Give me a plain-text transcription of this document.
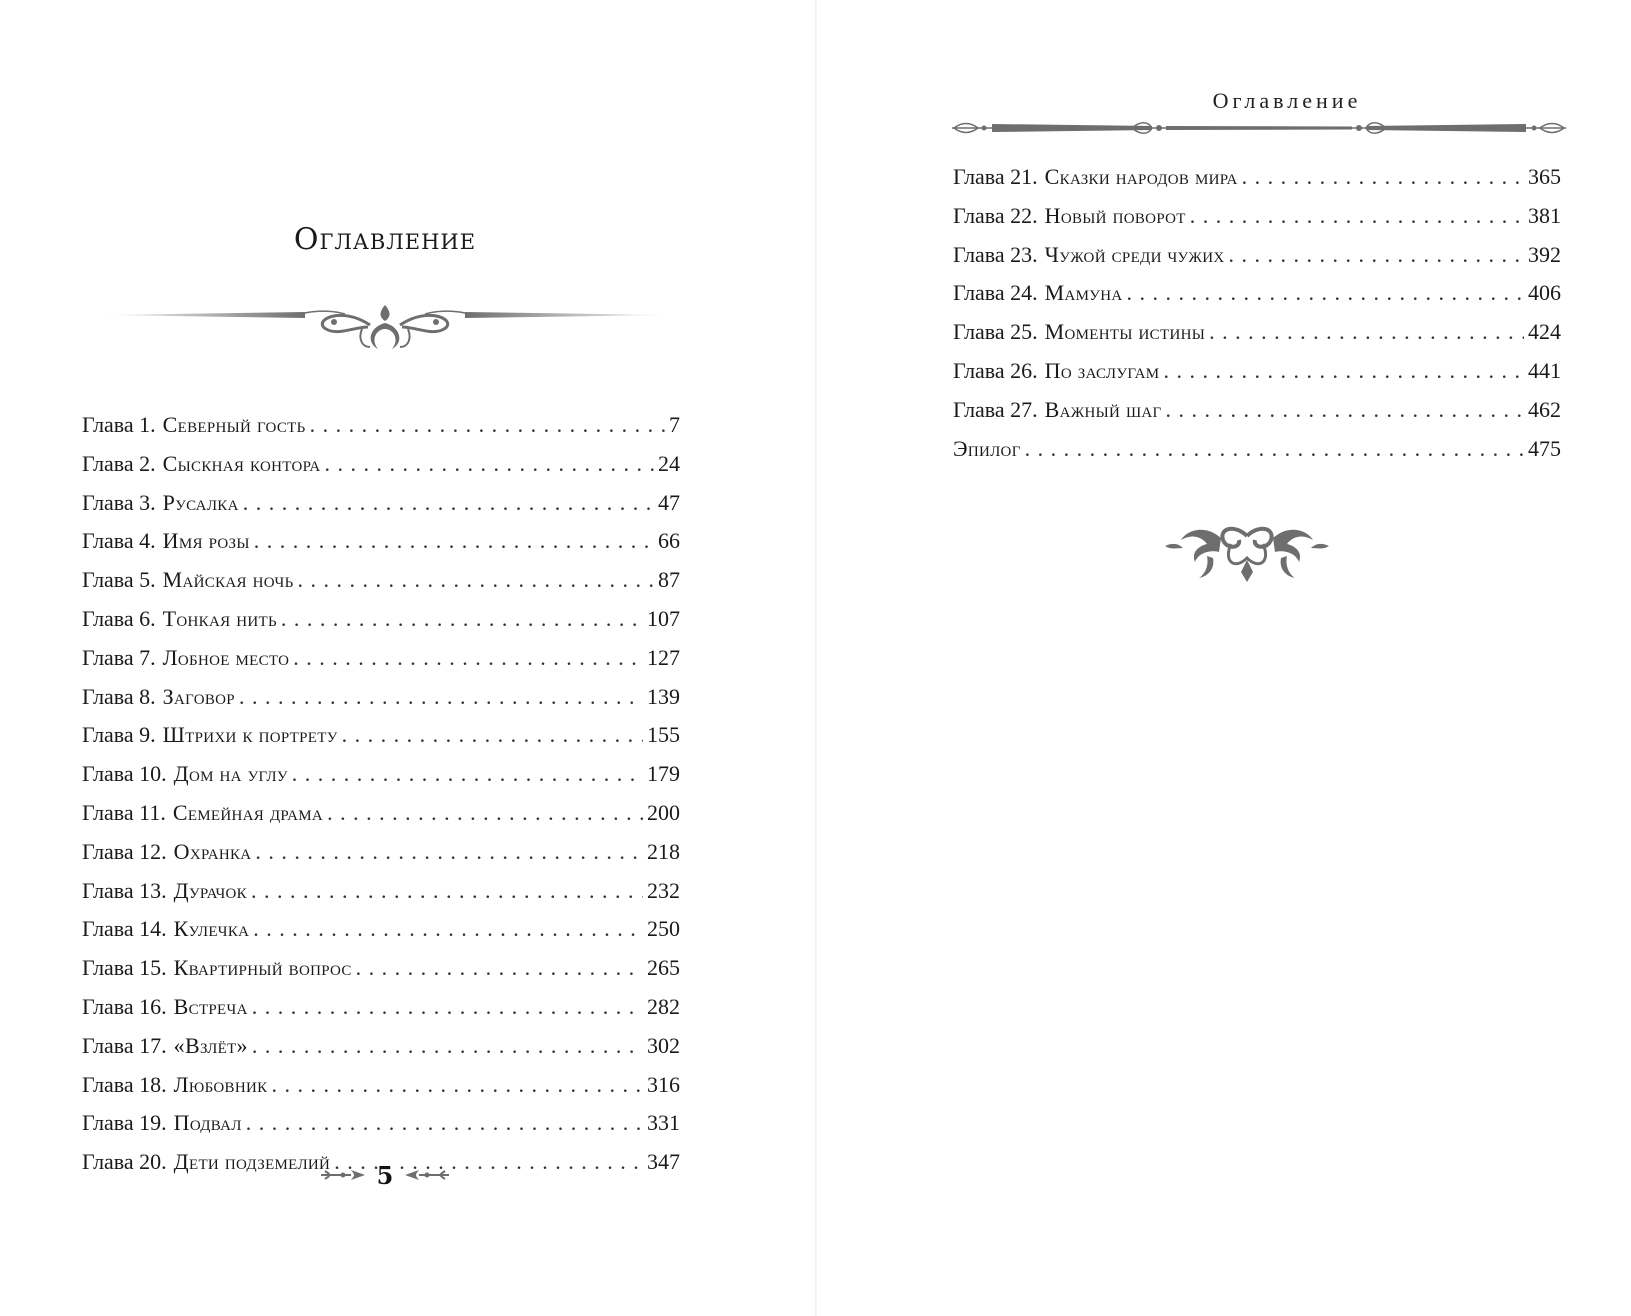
Оглавление
Глава 1. Северный гость . . .	7
Глава 2. Сыскная контора . . .	24
Глава 3. Русалка . . .	47
Глава 4. Имя розы . . .	66
Глава 5. Майская ночь . . .	87
Глава 6. Тонкая нить . . .	107
Глава 7. Лобное место . . .	127
Глава 8. Заговор . . .	139
Глава 9. Штрихи к портрету . . .	155
Глава 10. Дом на углу . . .	179
Глава 11. Семейная драма . . .	200
Глава 12. Охранка . . .	218
Глава 13. Дурачок . . .	232
Глава 14. Кулечка . . .	250
Глава 15. Квартирный вопрос . . .	265
Глава 16. Встреча . . .	282
Глава 17. «Взлёт» . . .	302
Глава 18. Любовник . . .	316
Глава 19. Подвал . . .	331
Глава 20. Дети подземелий . . .	347
5
Оглавление
Глава 21. Сказки народов мира . . .	365
Глава 22. Новый поворот . . .	381
Глава 23. Чужой среди чужих . . .	392
Глава 24. Мамуна . . .	406
Глава 25. Моменты истины . . .	424
Глава 26. По заслугам . . .	441
Глава 27. Важный шаг . . .	462
Эпилог . . .	475
